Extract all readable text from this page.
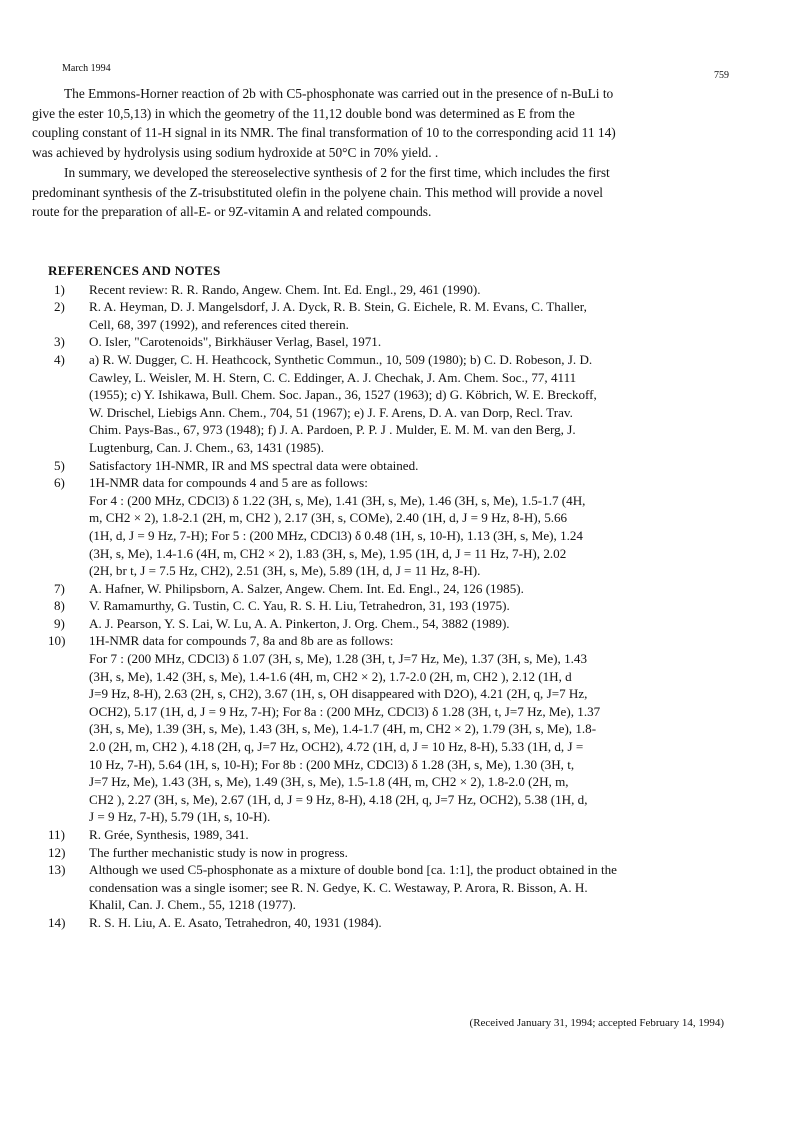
March 1994
759

The Emmons-Horner reaction of 2b with C5-phosphonate was carried out in the presence of n-BuLi to
give the ester 10,5,13) in which the geometry of the 11,12 double bond was determined as E from the
coupling constant of 11-H signal in its NMR. The final transformation of 10 to the corresponding acid 11 14)
was achieved by hydrolysis using sodium hydroxide at 50°C in 70% yield. .

In summary, we developed the stereoselective synthesis of 2 for the first time, which includes the first
predominant synthesis of the Z-trisubstituted olefin in the polyene chain. This method will provide a novel
route for the preparation of all-E- or 9Z-vitamin A and related compounds.

REFERENCES AND NOTES
1)	Recent review: R. R. Rando, Angew. Chem. Int. Ed. Engl., 29, 461 (1990).
2)	R. A. Heyman, D. J. Mangelsdorf, J. A. Dyck, R. B. Stein, G. Eichele, R. M. Evans, C. Thaller,
Cell, 68, 397 (1992), and references cited therein.
3)	O. Isler, "Carotenoids", Birkhäuser Verlag, Basel, 1971.
4)	a) R. W. Dugger, C. H. Heathcock, Synthetic Commun., 10, 509 (1980); b) C. D. Robeson, J. D.
Cawley, L. Weisler, M. H. Stern, C. C. Eddinger, A. J. Chechak, J. Am. Chem. Soc., 77, 4111
(1955); c) Y. Ishikawa, Bull. Chem. Soc. Japan., 36, 1527 (1963); d) G. Köbrich, W. E. Breckoff,
W. Drischel, Liebigs Ann. Chem., 704, 51 (1967); e) J. F. Arens, D. A. van Dorp, Recl. Trav.
Chim. Pays-Bas., 67, 973 (1948); f) J. A. Pardoen, P. P. J . Mulder, E. M. M. van den Berg, J.
Lugtenburg, Can. J. Chem., 63, 1431 (1985).
5)	Satisfactory 1H-NMR, IR and MS spectral data were obtained.
6)	1H-NMR data for compounds 4 and 5 are as follows:
For 4 : (200 MHz, CDCl3) δ 1.22 (3H, s, Me), 1.41 (3H, s, Me), 1.46 (3H, s, Me), 1.5-1.7 (4H,
m, CH2 × 2), 1.8-2.1 (2H, m, CH2 ), 2.17 (3H, s, COMe), 2.40 (1H, d, J = 9 Hz, 8-H), 5.66
(1H, d, J = 9 Hz, 7-H); For 5 : (200 MHz, CDCl3) δ 0.48 (1H, s, 10-H), 1.13 (3H, s, Me), 1.24
(3H, s, Me), 1.4-1.6 (4H, m, CH2 × 2), 1.83 (3H, s, Me), 1.95 (1H, d, J = 11 Hz, 7-H), 2.02
(2H, br t, J = 7.5 Hz, CH2), 2.51 (3H, s, Me), 5.89 (1H, d, J = 11 Hz, 8-H).
7)	A. Hafner, W. Philipsborn, A. Salzer, Angew. Chem. Int. Ed. Engl., 24, 126 (1985).
8)	V. Ramamurthy, G. Tustin, C. C. Yau, R. S. H. Liu, Tetrahedron, 31, 193 (1975).
9)	A. J. Pearson, Y. S. Lai, W. Lu, A. A. Pinkerton, J. Org. Chem., 54, 3882 (1989).
10)	1H-NMR data for compounds 7, 8a and 8b are as follows:
For 7 : (200 MHz, CDCl3) δ 1.07 (3H, s, Me), 1.28 (3H, t, J=7 Hz, Me), 1.37 (3H, s, Me), 1.43
(3H, s, Me), 1.42 (3H, s, Me), 1.4-1.6 (4H, m, CH2 × 2), 1.7-2.0 (2H, m, CH2 ), 2.12 (1H, d
J=9 Hz, 8-H), 2.63 (2H, s, CH2), 3.67 (1H, s, OH disappeared with D2O), 4.21 (2H, q, J=7 Hz,
OCH2), 5.17 (1H, d, J = 9 Hz, 7-H); For 8a : (200 MHz, CDCl3) δ 1.28 (3H, t, J=7 Hz, Me), 1.37
(3H, s, Me), 1.39 (3H, s, Me), 1.43 (3H, s, Me), 1.4-1.7 (4H, m, CH2 × 2), 1.79 (3H, s, Me), 1.8-
2.0 (2H, m, CH2 ), 4.18 (2H, q, J=7 Hz, OCH2), 4.72 (1H, d, J = 10 Hz, 8-H), 5.33 (1H, d, J =
10 Hz, 7-H), 5.64 (1H, s, 10-H); For 8b : (200 MHz, CDCl3) δ 1.28 (3H, s, Me), 1.30 (3H, t,
J=7 Hz, Me), 1.43 (3H, s, Me), 1.49 (3H, s, Me), 1.5-1.8 (4H, m, CH2 × 2), 1.8-2.0 (2H, m,
CH2 ), 2.27 (3H, s, Me), 2.67 (1H, d, J = 9 Hz, 8-H), 4.18 (2H, q, J=7 Hz, OCH2), 5.38 (1H, d,
J = 9 Hz, 7-H), 5.79 (1H, s, 10-H).
11)	R. Grée, Synthesis, 1989, 341.
12)	The further mechanistic study is now in progress.
13)	Although we used C5-phosphonate as a mixture of double bond [ca. 1:1], the product obtained in the
condensation was a single isomer; see R. N. Gedye, K. C. Westaway, P. Arora, R. Bisson, A. H.
Khalil, Can. J. Chem., 55, 1218 (1977).
14)	R. S. H. Liu, A. E. Asato, Tetrahedron, 40, 1931 (1984).
(Received January 31, 1994; accepted February 14, 1994)
